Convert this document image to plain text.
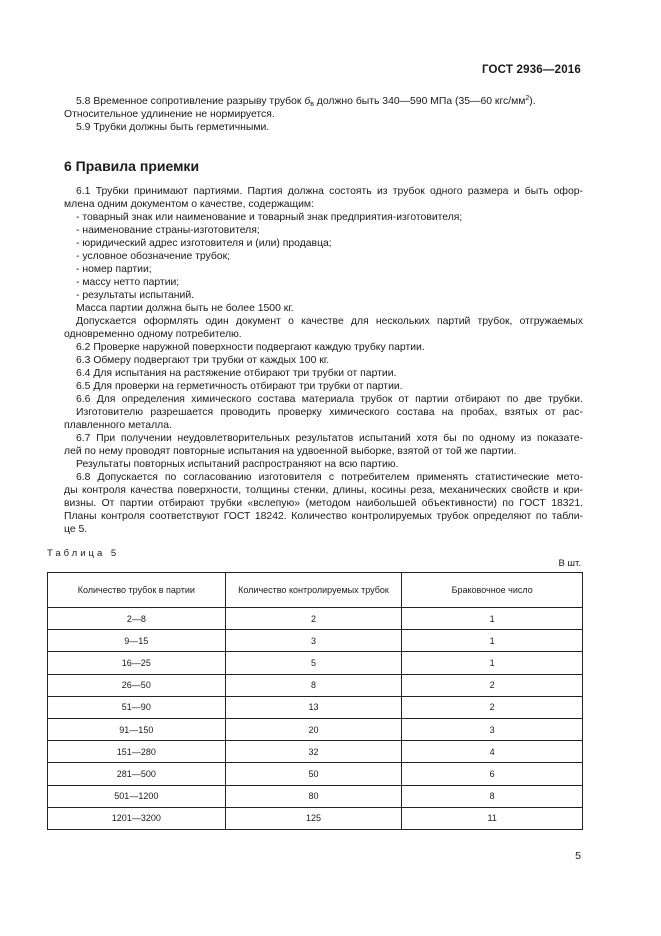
ГОСТ 2936—2016
5.8 Временное сопротивление разрыву трубок $б_в$ должно быть 340—590 МПа (35—60 кгс/$мм^2$).
Относительное удлинение не нормируется.
5.9 Трубки должны быть герметичными.
6 Правила приемки
6.1 Трубки принимают партиями. Партия должна состоять из трубок одного размера и быть офор-
млена одним документом о качестве, содержащим:
- товарный знак или наименование и товарный знак предприятия-изготовителя;
- наименование страны-изготовителя;
- юридический адрес изготовителя и (или) продавца;
- условное обозначение трубок;
- номер партии;
- массу нетто партии;
- результаты испытаний.
Масса партии должна быть не более 1500 кг.
Допускается оформлять один документ о качестве для нескольких партий трубок, отгружаемых
одновременно одному потребителю.
6.2 Проверке наружной поверхности подвергают каждую трубку партии.
6.3 Обмеру подвергают три трубки от каждых 100 кг.
6.4 Для испытания на растяжение отбирают три трубки от партии.
6.5 Для проверки на герметичность отбирают три трубки от партии.
6.6 Для определения химического состава материала трубок от партии отбирают по две трубки.
Изготовителю разрешается проводить проверку химического состава на пробах, взятых от рас-
плавленного металла.
6.7 При получении неудовлетворительных результатов испытаний хотя бы по одному из показате-
лей по нему проводят повторные испытания на удвоенной выборке, взятой от той же партии.
Результаты повторных испытаний распространяют на всю партию.
6.8 Допускается по согласованию изготовителя с потребителем применять статистические мето-
ды контроля качества поверхности, толщины стенки, длины, косины реза, механических свойств и кри-
визны. От партии отбирают трубки «вслепую» (методом наибольшей объективности) по ГОСТ 18321.
Планы контроля соответствуют ГОСТ 18242. Количество контролируемых трубок определяют по табли-
це 5.
Таблица 5
В шт.
Количество трубок в партии	Количество контролируемых трубок	Браковочное число
2—8	2	1
9—15	3	1
16—25	5	1
26—50	8	2
51—90	13	2
91—150	20	3
151—280	32	4
281—500	50	6
501—1200	80	8
1201—3200	125	11
5
